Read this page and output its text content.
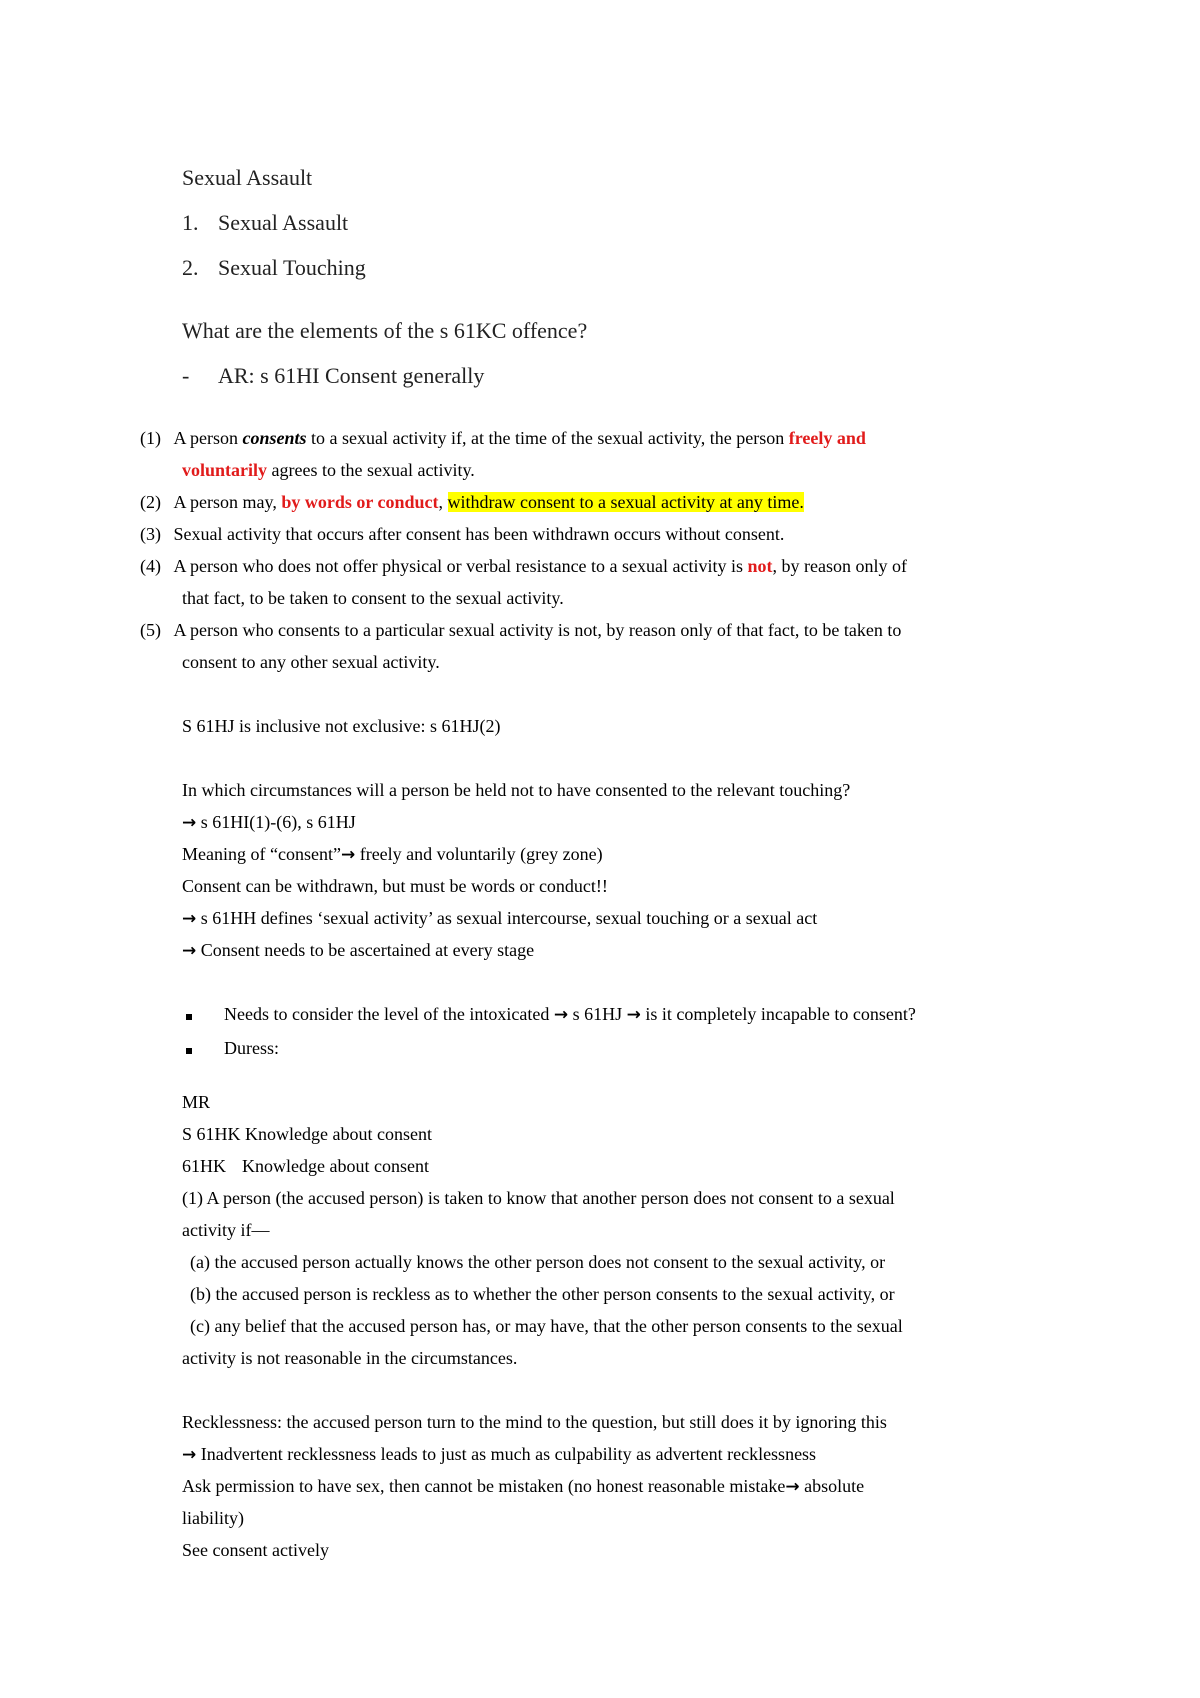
Sexual Assault
1. Sexual Assault
2. Sexual Touching
What are the elements of the s 61KC offence?
- AR: s 61HI Consent generally
(1) A person consents to a sexual activity if, at the time of the sexual activity, the person freely and
voluntarily agrees to the sexual activity.
(2) A person may, by words or conduct, withdraw consent to a sexual activity at any time.
(3) Sexual activity that occurs after consent has been withdrawn occurs without consent.
(4) A person who does not offer physical or verbal resistance to a sexual activity is not, by reason only of
that fact, to be taken to consent to the sexual activity.
(5) A person who consents to a particular sexual activity is not, by reason only of that fact, to be taken to
consent to any other sexual activity.
S 61HJ is inclusive not exclusive: s 61HJ(2)
In which circumstances will a person be held not to have consented to the relevant touching?
→ s 61HI(1)-(6), s 61HJ
Meaning of “consent”→ freely and voluntarily (grey zone)
Consent can be withdrawn, but must be words or conduct!!
→ s 61HH defines ‘sexual activity’ as sexual intercourse, sexual touching or a sexual act
→ Consent needs to be ascertained at every stage
Needs to consider the level of the intoxicated → s 61HJ → is it completely incapable to consent?
Duress:
MR
S 61HK Knowledge about consent
61HK Knowledge about consent
(1) A person (the accused person) is taken to know that another person does not consent to a sexual
activity if—
(a) the accused person actually knows the other person does not consent to the sexual activity, or
(b) the accused person is reckless as to whether the other person consents to the sexual activity, or
(c) any belief that the accused person has, or may have, that the other person consents to the sexual
activity is not reasonable in the circumstances.
Recklessness: the accused person turn to the mind to the question, but still does it by ignoring this
→ Inadvertent recklessness leads to just as much as culpability as advertent recklessness
Ask permission to have sex, then cannot be mistaken (no honest reasonable mistake→ absolute
liability)
See consent actively
